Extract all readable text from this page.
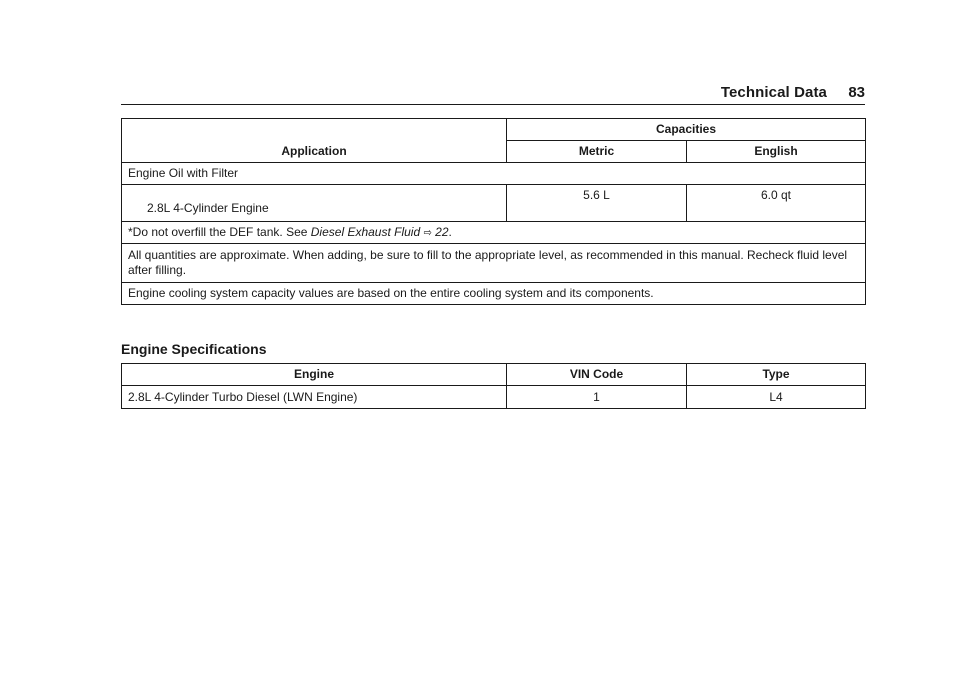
Technical Data 83
Application	Capacities	
	Metric	English
Engine Oil with Filter		
2.8L 4-Cylinder Engine	5.6 L	6.0 qt
*Do not overfill the DEF tank. See Diesel Exhaust Fluid ⇨ 22.		
All quantities are approximate. When adding, be sure to fill to the appropriate level, as recommended in this manual. Recheck fluid level after filling.		
Engine cooling system capacity values are based on the entire cooling system and its components.		
Engine Specifications
Engine	VIN Code	Type
2.8L 4-Cylinder Turbo Diesel (LWN Engine)	1	L4
